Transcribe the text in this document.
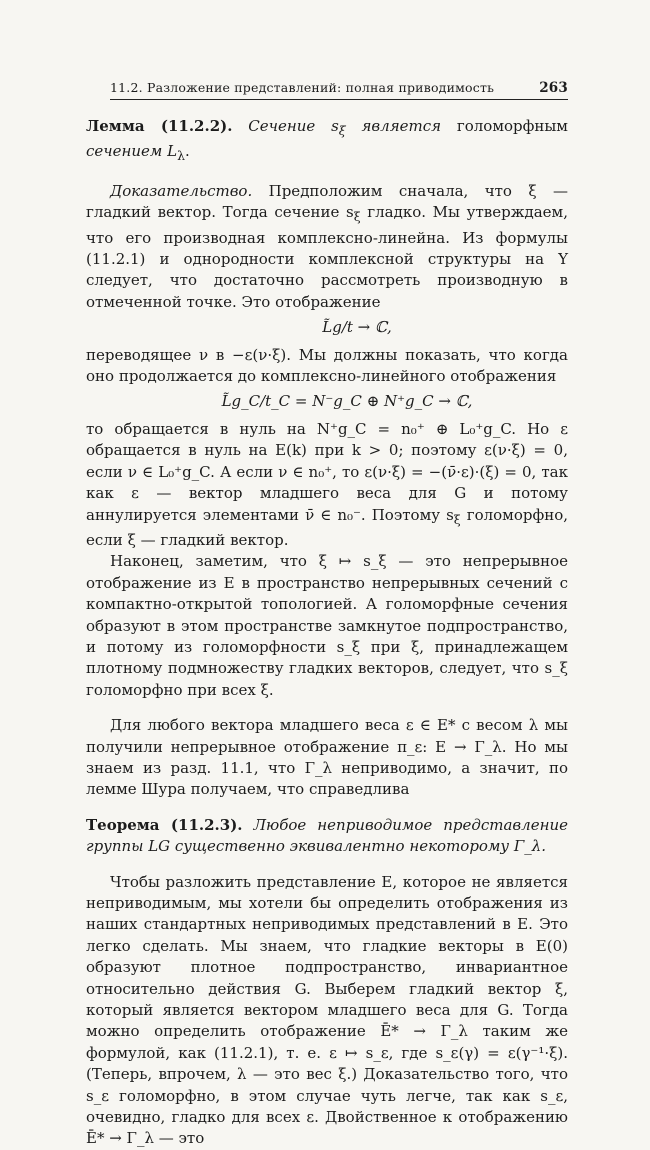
11.2. Разложение представлений: полная приводимость	263

Лемма (11.2.2). Сечение $s_\xi$ является голоморфным сечением $L_\lambda$.

Доказательство. Предположим сначала, что ξ — гладкий вектор. Тогда сечение $s_\xi$ гладко. Мы утверждаем, что его производная комплексно-линейна. Из формулы (11.2.1) и однородности комплексной структуры на Y следует, что достаточно рассмотреть производную в отмеченной точке. Это отображение

L̃g/t → ℂ,

переводящее ν в −ε(ν·ξ). Мы должны показать, что когда оно продолжается до комплексно-линейного отображения

L̃g_C/t_C = N⁻g_C ⊕ N⁺g_C → ℂ,

то обращается в нуль на N⁺g_C = n₀⁺ ⊕ L₀⁺g_C. Но ε обращается в нуль на E(k) при k > 0; поэтому ε(ν·ξ) = 0, если ν ∈ L₀⁺g_C. А если ν ∈ n₀⁺, то ε(ν·ξ) = −(ν̄·ε)·(ξ) = 0, так как ε — вектор младшего веса для G и потому аннулируется элементами ν̄ ∈ n₀⁻. Поэтому $s_\xi$ голоморфно, если ξ — гладкий вектор.

Наконец, заметим, что ξ ↦ s_ξ — это непрерывное отображение из E в пространство непрерывных сечений с компактно-открытой топологией. А голоморфные сечения образуют в этом пространстве замкнутое подпространство, и потому из голоморфности s_ξ при ξ, принадлежащем плотному подмножеству гладких векторов, следует, что s_ξ голоморфно при всех ξ.

Для любого вектора младшего веса ε ∈ E* с весом λ мы получили непрерывное отображение π_ε: E → Γ_λ. Но мы знаем из разд. 11.1, что Γ_λ неприводимо, а значит, по лемме Шура получаем, что справедлива

Теорема (11.2.3). Любое неприводимое представление группы LG существенно эквивалентно некоторому Γ_λ.

Чтобы разложить представление E, которое не является неприводимым, мы хотели бы определить отображения из наших стандартных неприводимых представлений в E. Это легко сделать. Мы знаем, что гладкие векторы в E(0) образуют плотное подпространство, инвариантное относительно действия G. Выберем гладкий вектор ξ, который является вектором младшего веса для G. Тогда можно определить отображение Ē* → Γ_λ таким же формулой, как (11.2.1), т. е. ε ↦ s_ε, где s_ε(γ) = ε(γ⁻¹·ξ). (Теперь, впрочем, λ — это вес ξ.) Доказательство того, что s_ε голоморфно, в этом случае чуть легче, так как s_ε, очевидно, гладко для всех ε. Двойственное к отображению Ē* → Γ_λ — это
